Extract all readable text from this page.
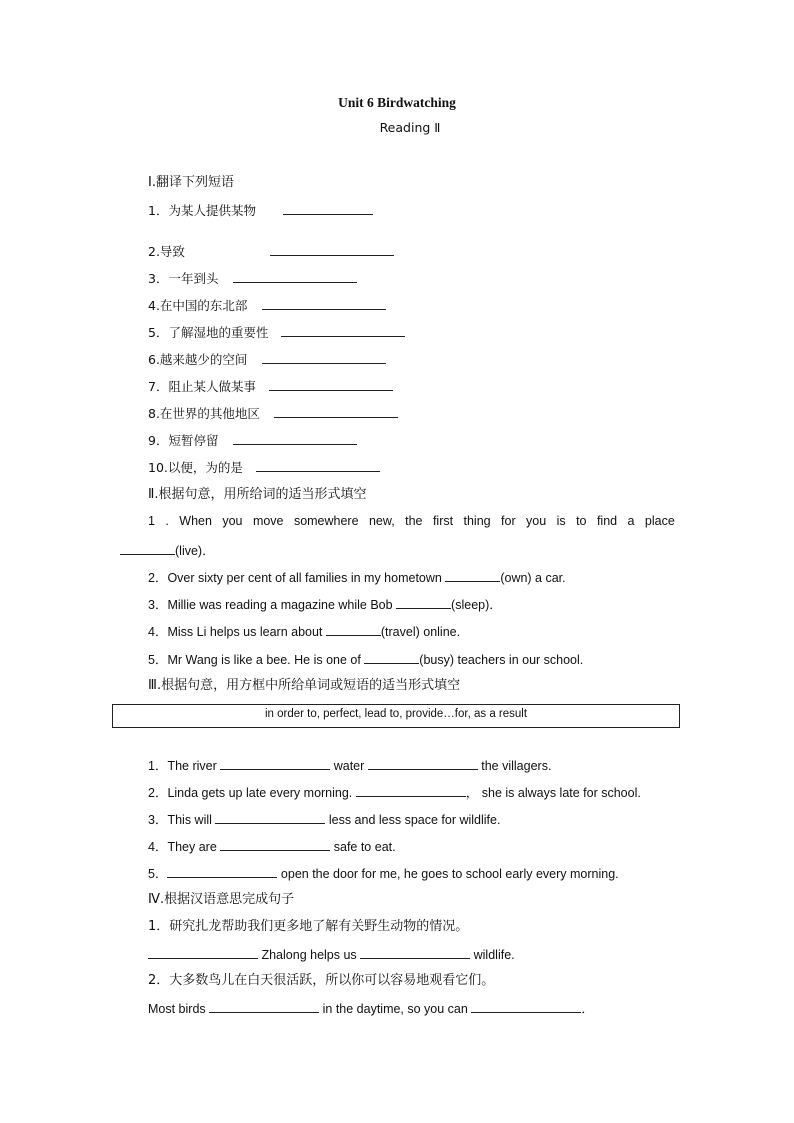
Unit 6 Birdwatching
Reading Ⅱ
Ⅰ.翻译下列短语
1．为某人提供某物
2.导致
3．一年到头
4.在中国的东北部
5．了解湿地的重要性
6.越来越少的空间
7．阻止某人做某事
8.在世界的其他地区
9．短暂停留
10.以便，为的是
Ⅱ.根据句意，用所给词的适当形式填空
1 . When you move somewhere new, the first thing for you is to find a place
(live)．
2．Over sixty per cent of all families in my hometown	(own) a car.
3．Millie was reading a magazine while Bob	(sleep)．
4．Miss Li helps us learn about	(travel) online.
5．Mr Wang is like a bee. He is one of	(busy) teachers in our school.
Ⅲ.根据句意，用方框中所给单词或短语的适当形式填空
in order to, perfect, lead to, provide…for, as a result
1．The river	water	the villagers.
2．Linda gets up late every morning.	， she is always late for school.
3．This will	less and less space for wildlife.
4．They are	safe to eat.
5．	open the door for me, he goes to school early every morning.
Ⅳ.根据汉语意思完成句子
1．研究扎龙帮助我们更多地了解有关野生动物的情况。
Zhalong helps us	wildlife.
2．大多数鸟儿在白天很活跃，所以你可以容易地观看它们。
Most birds	in the daytime, so you can	．
